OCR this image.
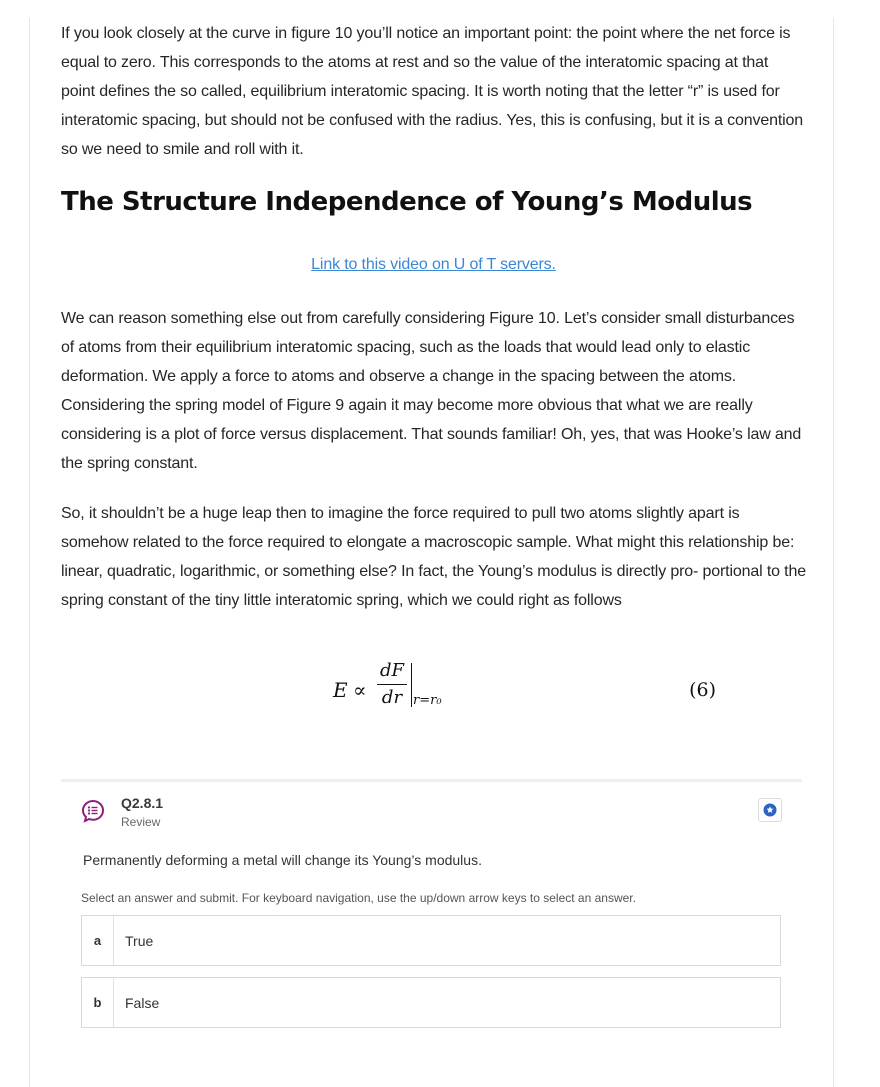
If you look closely at the curve in figure 10 you’ll notice an important point: the point where the net force is equal to zero. This corresponds to the atoms at rest and so the value of the interatomic spacing at that point defines the so called, equilibrium interatomic spacing. It is worth noting that the letter “r” is used for interatomic spacing, but should not be confused with the radius. Yes, this is confusing, but it is a convention so we need to smile and roll with it.

The Structure Independence of Young’s Modulus
Link to this video on U of T servers.

We can reason something else out from carefully considering Figure 10. Let’s consider small disturbances of atoms from their equilibrium interatomic spacing, such as the loads that would lead only to elastic deformation. We apply a force to atoms and observe a change in the spacing between the atoms. Considering the spring model of Figure 9 again it may become more obvious that what we are really considering is a plot of force versus displacement. That sounds familiar! Oh, yes, that was Hooke’s law and the spring constant.

So, it shouldn’t be a huge leap then to imagine the force required to pull two atoms slightly apart is somehow related to the force required to elongate a macroscopic sample. What might this relationship be: linear, quadratic, logarithmic, or something else? In fact, the Young’s modulus is directly pro- portional to the spring constant of the tiny little interatomic spring, which we could right as follows

E ∝
dF
dr r=r₀	(6)
Q2.8.1
Review
Permanently deforming a metal will change its Young’s modulus.
Select an answer and submit. For keyboard navigation, use the up/down arrow keys to select an answer.
a	True
b	False
